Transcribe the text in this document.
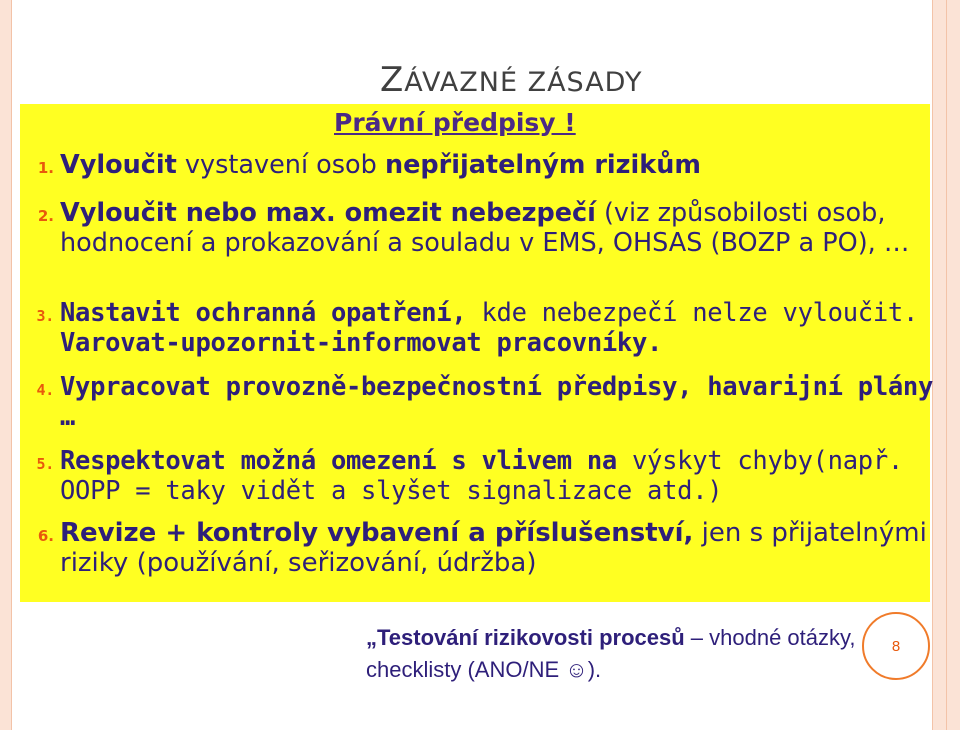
ZÁVAZNÉ ZÁSADY

Právní předpisy !

1. Vyloučit vystavení osob nepřijatelným rizikům
2. Vyloučit nebo max. omezit nebezpečí (viz způsobilosti osob, hodnocení a prokazování a souladu v EMS, OHSAS (BOZP a PO), …
3. Nastavit ochranná opatření, kde nebezpečí nelze vyloučit. Varovat-upozornit-informovat pracovníky.
4. Vypracovat provozně-bezpečnostní předpisy, havarijní plány …
5. Respektovat možná omezení s vlivem na výskyt chyby(např. OOPP = taky vidět a slyšet signalizace atd.)
6. Revize + kontroly vybavení a příslušenství, jen s přijatelnými riziky (používání, seřizování, údržba)
„Testování rizikovosti procesů – vhodné otázky, checklisty (ANO/NE ☺).
8
